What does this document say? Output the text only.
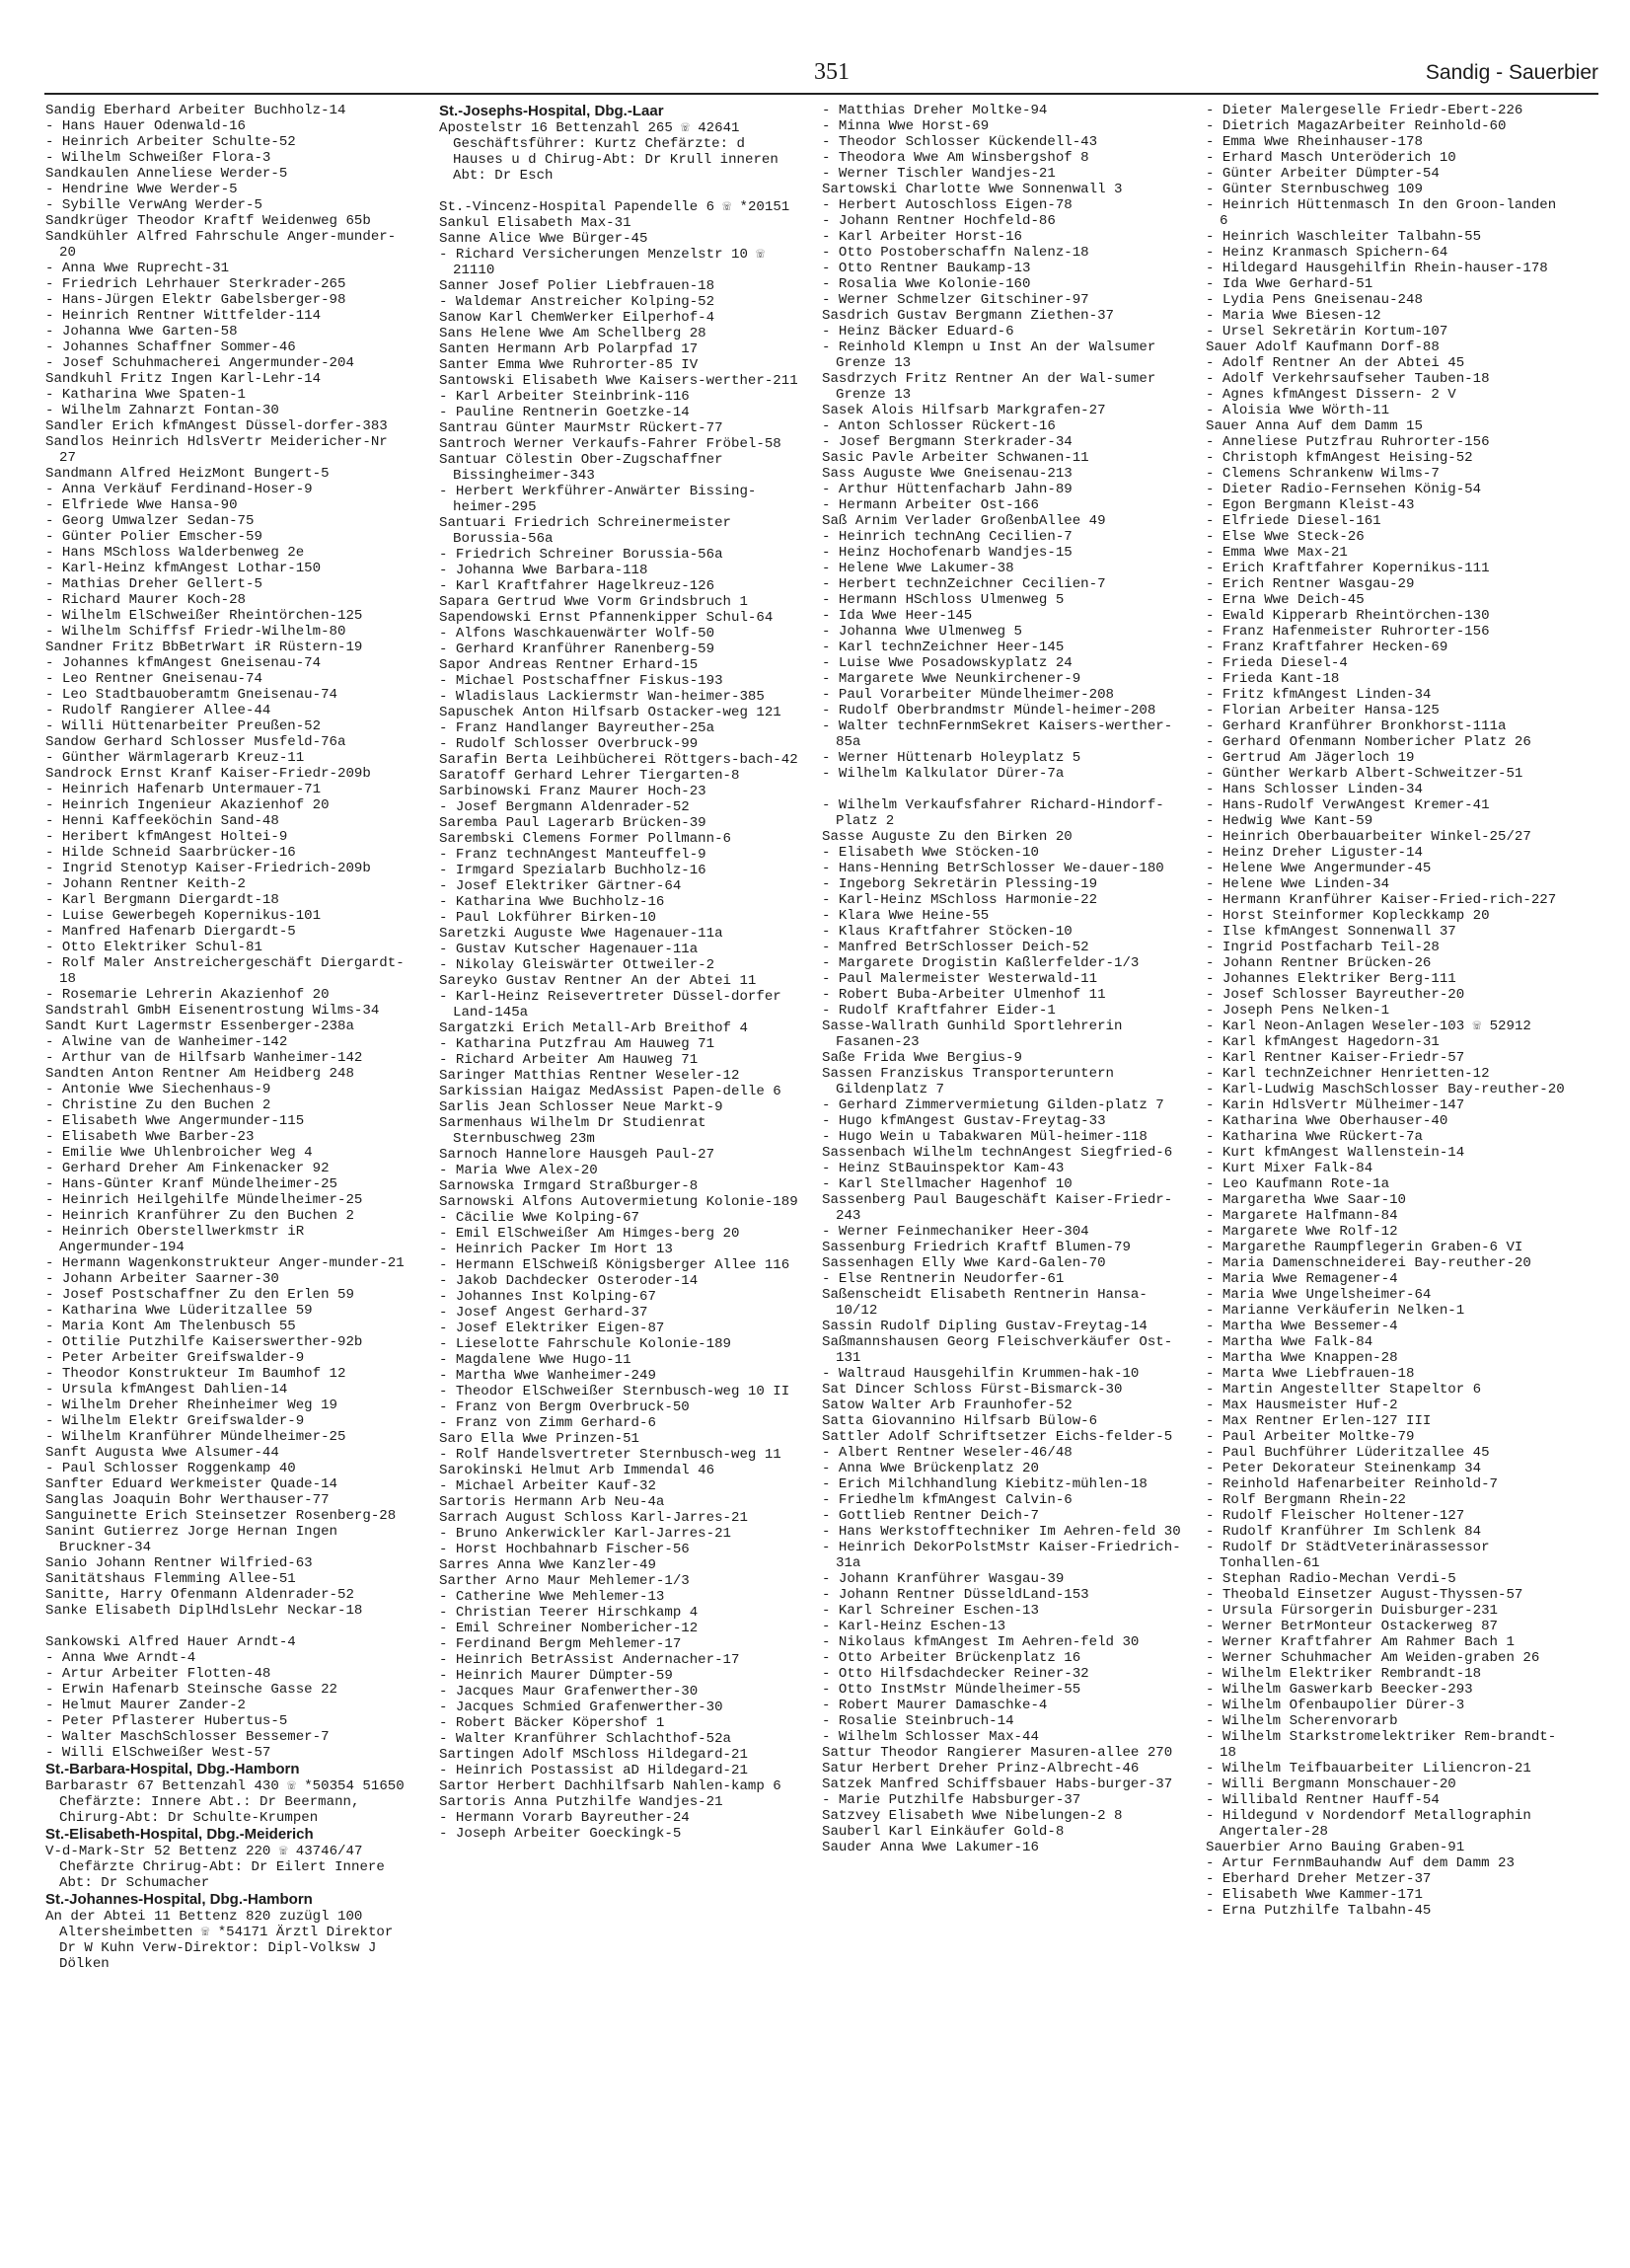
351	Sandig - Sauerbier
Sandig Eberhard Arbeiter Buchholz-14
- Hans Hauer Odenwald-16
- Heinrich Arbeiter Schulte-52
- Wilhelm Schweißer Flora-3
Sandkaulen Anneliese Werder-5
- Hendrine Wwe Werder-5
- Sybille VerwAng Werder-5
Sandkrüger Theodor Kraftf Weidenweg 65b
Sandkühler Alfred Fahrschule Anger-munder-20
- Anna Wwe Ruprecht-31
- Friedrich Lehrhauer Sterkrader-265
- Hans-Jürgen Elektr Gabelsberger-98
- Heinrich Rentner Wittfelder-114
- Johanna Wwe Garten-58
- Johannes Schaffner Sommer-46
- Josef Schuhmacherei Angermunder-204
Sandkuhl Fritz Ingen Karl-Lehr-14
- Katharina Wwe Spaten-1
- Wilhelm Zahnarzt Fontan-30
Sandler Erich kfmAngest Düssel-dorfer-383
Sandlos Heinrich HdlsVertr Meidericher-Nr 27
Sandmann Alfred HeizMont Bungert-5
- Anna Verkäuf Ferdinand-Hoser-9
- Elfriede Wwe Hansa-90
- Georg Umwalzer Sedan-75
- Günter Polier Emscher-59
- Hans MSchloss Walderbenweg 2e
- Karl-Heinz kfmAngest Lothar-150
- Mathias Dreher Gellert-5
- Richard Maurer Koch-28
- Wilhelm ElSchweißer Rheintörchen-125
- Wilhelm Schiffsf Friedr-Wilhelm-80
Sandner Fritz BbBetrWart iR Rüstern-19
- Johannes kfmAngest Gneisenau-74
- Leo Rentner Gneisenau-74
- Leo Stadtbauoberamtm Gneisenau-74
- Rudolf Rangierer Allee-44
- Willi Hüttenarbeiter Preußen-52
Sandow Gerhard Schlosser Musfeld-76a
- Günther Wärmlagerarb Kreuz-11
Sandrock Ernst Kranf Kaiser-Friedr-209b
- Heinrich Hafenarb Untermauer-71
- Heinrich Ingenieur Akazienhof 20
- Henni Kaffeeköchin Sand-48
- Heribert kfmAngest Holtei-9
- Hilde Schneid Saarbrücker-16
- Ingrid Stenotyp Kaiser-Friedrich-209b
- Johann Rentner Keith-2
- Karl Bergmann Diergardt-18
- Luise Gewerbegeh Kopernikus-101
- Manfred Hafenarb Diergardt-5
- Otto Elektriker Schul-81
- Rolf Maler Anstreichergeschäft Diergardt-18
- Rosemarie Lehrerin Akazienhof 20
Sandstrahl GmbH Eisenentrostung Wilms-34
Sandt Kurt Lagermstr Essenberger-238a
- Alwine van de Wanheimer-142
- Arthur van de Hilfsarb Wanheimer-142
Sandten Anton Rentner Am Heidberg 248
- Antonie Wwe Siechenhaus-9
- Christine Zu den Buchen 2
- Elisabeth Wwe Angermunder-115
- Elisabeth Wwe Barber-23
- Emilie Wwe Uhlenbroicher Weg 4
- Gerhard Dreher Am Finkenacker 92
- Hans-Günter Kranf Mündelheimer-25
- Heinrich Heilgehilfe Mündelheimer-25
- Heinrich Kranführer Zu den Buchen 2
- Heinrich Oberstellwerkmstr iR Angermunder-194
- Hermann Wagenkonstrukteur Anger-munder-21
- Johann Arbeiter Saarner-30
- Josef Postschaffner Zu den Erlen 59
- Katharina Wwe Lüderitzallee 59
- Maria Kont Am Thelenbusch 55
- Ottilie Putzhilfe Kaiserswerther-92b
- Peter Arbeiter Greifswalder-9
- Theodor Konstrukteur Im Baumhof 12
- Ursula kfmAngest Dahlien-14
- Wilhelm Dreher Rheinheimer Weg 19
- Wilhelm Elektr Greifswalder-9
- Wilhelm Kranführer Mündelheimer-25
Sanft Augusta Wwe Alsumer-44
- Paul Schlosser Roggenkamp 40
Sanfter Eduard Werkmeister Quade-14
Sanglas Joaquin Bohr Werthauser-77
Sanguinette Erich Steinsetzer Rosenberg-28
Sanint Gutierrez Jorge Hernan Ingen Bruckner-34
Sanio Johann Rentner Wilfried-63
Sanitätshaus Flemming Allee-51
Sanitte, Harry Ofenmann Aldenrader-52
Sanke Elisabeth DiplHdlsLehr Neckar-18

Sankowski Alfred Hauer Arndt-4
- Anna Wwe Arndt-4
- Artur Arbeiter Flotten-48
- Erwin Hafenarb Steinsche Gasse 22
- Helmut Maurer Zander-2
- Peter Pflasterer Hubertus-5
- Walter MaschSchlosser Bessemer-7
- Willi ElSchweißer West-57
St.-Barbara-Hospital, Dbg.-Hamborn
Barbarastr 67 Bettenzahl 430 ☏ *50354 51650 Chefärzte: Innere Abt.: Dr Beermann, Chirurg-Abt: Dr Schulte-Krumpen
St.-Elisabeth-Hospital, Dbg.-Meiderich
V-d-Mark-Str 52 Bettenz 220 ☏ 43746/47 Chefärzte Chrirug-Abt: Dr Eilert Innere Abt: Dr Schumacher
St.-Johannes-Hospital, Dbg.-Hamborn
An der Abtei 11 Bettenz 820 zuzügl 100 Altersheimbetten ☏ *54171 Ärztl Direktor Dr W Kuhn Verw-Direktor: Dipl-Volksw J Dölken
St.-Josephs-Hospital, Dbg.-Laar
Apostelstr 16 Bettenzahl 265 ☏ 42641 Geschäftsführer: Kurtz Chefärzte: d Hauses u d Chirug-Abt: Dr Krull inneren Abt: Dr Esch

St.-Vincenz-Hospital Papendelle 6 ☏ *20151
Sankul Elisabeth Max-31
Sanne Alice Wwe Bürger-45
- Richard Versicherungen Menzelstr 10 ☏ 21110
Sanner Josef Polier Liebfrauen-18
- Waldemar Anstreicher Kolping-52
Sanow Karl ChemWerker Eilperhof-4
Sans Helene Wwe Am Schellberg 28
Santen Hermann Arb Polarpfad 17
Santer Emma Wwe Ruhrorter-85 IV
Santowski Elisabeth Wwe Kaisers-werther-211
- Karl Arbeiter Steinbrink-116
- Pauline Rentnerin Goetzke-14
Santrau Günter MaurMstr Rückert-77
Santroch Werner Verkaufs-Fahrer Fröbel-58
Santuar Cölestin Ober-Zugschaffner Bissingheimer-343
- Herbert Werkführer-Anwärter Bissing-heimer-295
Santuari Friedrich Schreinermeister Borussia-56a
- Friedrich Schreiner Borussia-56a
- Johanna Wwe Barbara-118
- Karl Kraftfahrer Hagelkreuz-126
Sapara Gertrud Wwe Vorm Grindsbruch 1
Sapendowski Ernst Pfannenkipper Schul-64
- Alfons Waschkauenwärter Wolf-50
- Gerhard Kranführer Ranenberg-59
Sapor Andreas Rentner Erhard-15
- Michael Postschaffner Fiskus-193
- Wladislaus Lackiermstr Wan-heimer-385
Sapuschek Anton Hilfsarb Ostacker-weg 121
- Franz Handlanger Bayreuther-25a
- Rudolf Schlosser Overbruck-99
Sarafin Berta Leihbücherei Röttgers-bach-42
Saratoff Gerhard Lehrer Tiergarten-8
Sarbinowski Franz Maurer Hoch-23
- Josef Bergmann Aldenrader-52
Saremba Paul Lagerarb Brücken-39
Sarembski Clemens Former Pollmann-6
- Franz technAngest Manteuffel-9
- Irmgard Spezialarb Buchholz-16
- Josef Elektriker Gärtner-64
- Katharina Wwe Buchholz-16
- Paul Lokführer Birken-10
Saretzki Auguste Wwe Hagenauer-11a
- Gustav Kutscher Hagenauer-11a
- Nikolay Gleiswärter Ottweiler-2
Sareyko Gustav Rentner An der Abtei 11
- Karl-Heinz Reisevertreter Düssel-dorfer Land-145a
Sargatzki Erich Metall-Arb Breithof 4
- Katharina Putzfrau Am Hauweg 71
- Richard Arbeiter Am Hauweg 71
Saringer Matthias Rentner Weseler-12
Sarkissian Haigaz MedAssist Papen-delle 6
Sarlis Jean Schlosser Neue Markt-9
Sarmenhaus Wilhelm Dr Studienrat Sternbuschweg 23m
Sarnoch Hannelore Hausgeh Paul-27
- Maria Wwe Alex-20
Sarnowska Irmgard Straßburger-8
Sarnowski Alfons Autovermietung Kolonie-189
- Cäcilie Wwe Kolping-67
- Emil ElSchweißer Am Himges-berg 20
- Heinrich Packer Im Hort 13
- Hermann ElSchweiß Königsberger Allee 116
- Jakob Dachdecker Osteroder-14
- Johannes Inst Kolping-67
- Josef Angest Gerhard-37
- Josef Elektriker Eigen-87
- Lieselotte Fahrschule Kolonie-189
- Magdalene Wwe Hugo-11
- Martha Wwe Wanheimer-249
- Theodor ElSchweißer Sternbusch-weg 10 II
- Franz von Bergm Overbruck-50
- Franz von Zimm Gerhard-6
Saro Ella Wwe Prinzen-51
- Rolf Handelsvertreter Sternbusch-weg 11
Sarokinski Helmut Arb Immendal 46
- Michael Arbeiter Kauf-32
Sartoris Hermann Arb Neu-4a
Sarrach August Schloss Karl-Jarres-21
- Bruno Ankerwickler Karl-Jarres-21
- Horst Hochbahnarb Fischer-56
Sarres Anna Wwe Kanzler-49
Sarther Arno Maur Mehlemer-1/3
- Catherine Wwe Mehlemer-13
- Christian Teerer Hirschkamp 4
- Emil Schreiner Nombericher-12
- Ferdinand Bergm Mehlemer-17
- Heinrich BetrAssist Andernacher-17
- Heinrich Maurer Dümpter-59
- Jacques Maur Grafenwerther-30
- Jacques Schmied Grafenwerther-30
- Robert Bäcker Köpershof 1
- Walter Kranführer Schlachthof-52a
Sartingen Adolf MSchloss Hildegard-21
- Heinrich Postassist aD Hildegard-21
Sartor Herbert Dachhilfsarb Nahlen-kamp 6
Sartoris Anna Putzhilfe Wandjes-21
- Hermann Vorarb Bayreuther-24
- Joseph Arbeiter Goeckingk-5
- Matthias Dreher Moltke-94
- Minna Wwe Horst-69
- Theodor Schlosser Kückendell-43
- Theodora Wwe Am Winsbergshof 8
- Werner Tischler Wandjes-21
Sartowski Charlotte Wwe Sonnenwall 3
- Herbert Autoschloss Eigen-78
- Johann Rentner Hochfeld-86
- Karl Arbeiter Horst-16
- Otto Postoberschaffn Nalenz-18
- Otto Rentner Baukamp-13
- Rosalia Wwe Kolonie-160
- Werner Schmelzer Gitschiner-97
Sasdrich Gustav Bergmann Ziethen-37
- Heinz Bäcker Eduard-6
- Reinhold Klempn u Inst An der Walsumer Grenze 13
Sasdrzych Fritz Rentner An der Wal-sumer Grenze 13
Sasek Alois Hilfsarb Markgrafen-27
- Anton Schlosser Rückert-16
- Josef Bergmann Sterkrader-34
Sasic Pavle Arbeiter Schwanen-11
Sass Auguste Wwe Gneisenau-213
- Arthur Hüttenfacharb Jahn-89
- Hermann Arbeiter Ost-166
Saß Arnim Verlader GroßenbAllee 49
- Heinrich technAng Cecilien-7
- Heinz Hochofenarb Wandjes-15
- Helene Wwe Lakumer-38
- Herbert technZeichner Cecilien-7
- Hermann HSchloss Ulmenweg 5
- Ida Wwe Heer-145
- Johanna Wwe Ulmenweg 5
- Karl technZeichner Heer-145
- Luise Wwe Posadowskyplatz 24
- Margarete Wwe Neunkirchener-9
- Paul Vorarbeiter Mündelheimer-208
- Rudolf Oberbrandmstr Mündel-heimer-208
- Walter technFernmSekret Kaisers-werther-85a
- Werner Hüttenarb Holeyplatz 5
- Wilhelm Kalkulator Dürer-7a

- Wilhelm Verkaufsfahrer Richard-Hindorf-Platz 2
Sasse Auguste Zu den Birken 20
- Elisabeth Wwe Stöcken-10
- Hans-Henning BetrSchlosser We-dauer-180
- Ingeborg Sekretärin Plessing-19
- Karl-Heinz MSchloss Harmonie-22
- Klara Wwe Heine-55
- Klaus Kraftfahrer Stöcken-10
- Manfred BetrSchlosser Deich-52
- Margarete Drogistin Kaßlerfelder-1/3
- Paul Malermeister Westerwald-11
- Robert Buba-Arbeiter Ulmenhof 11
- Rudolf Kraftfahrer Eider-1
Sasse-Wallrath Gunhild Sportlehrerin Fasanen-23
Saße Frida Wwe Bergius-9
Sassen Franziskus Transporteruntern Gildenplatz 7
- Gerhard Zimmervermietung Gilden-platz 7
- Hugo kfmAngest Gustav-Freytag-33
- Hugo Wein u Tabakwaren Mül-heimer-118
Sassenbach Wilhelm technAngest Siegfried-6
- Heinz StBauinspektor Kam-43
- Karl Stellmacher Hagenhof 10
Sassenberg Paul Baugeschäft Kaiser-Friedr-243
- Werner Feinmechaniker Heer-304
Sassenburg Friedrich Kraftf Blumen-79
Sassenhagen Elly Wwe Kard-Galen-70
- Else Rentnerin Neudorfer-61
Saßenscheidt Elisabeth Rentnerin Hansa-10/12
Sassin Rudolf Dipling Gustav-Freytag-14
Saßmannshausen Georg Fleischverkäufer Ost-131
- Waltraud Hausgehilfin Krummen-hak-10
Sat Dincer Schloss Fürst-Bismarck-30
Satow Walter Arb Fraunhofer-52
Satta Giovannino Hilfsarb Bülow-6
Sattler Adolf Schriftsetzer Eichs-felder-5
- Albert Rentner Weseler-46/48
- Anna Wwe Brückenplatz 20
- Erich Milchhandlung Kiebitz-mühlen-18
- Friedhelm kfmAngest Calvin-6
- Gottlieb Rentner Deich-7
- Hans Werkstofftechniker Im Aehren-feld 30
- Heinrich DekorPolstMstr Kaiser-Friedrich-31a
- Johann Kranführer Wasgau-39
- Johann Rentner DüsseldLand-153
- Karl Schreiner Eschen-13
- Karl-Heinz Eschen-13
- Nikolaus kfmAngest Im Aehren-feld 30
- Otto Arbeiter Brückenplatz 16
- Otto Hilfsdachdecker Reiner-32
- Otto InstMstr Mündelheimer-55
- Robert Maurer Damaschke-4
- Rosalie Steinbruch-14
- Wilhelm Schlosser Max-44
Sattur Theodor Rangierer Masuren-allee 270
Satur Herbert Dreher Prinz-Albrecht-46
Satzek Manfred Schiffsbauer Habs-burger-37
- Marie Putzhilfe Habsburger-37
Satzvey Elisabeth Wwe Nibelungen-2 8
Sauberl Karl Einkäufer Gold-8
Sauder Anna Wwe Lakumer-16
- Dieter Malergeselle Friedr-Ebert-226
- Dietrich MagazArbeiter Reinhold-60
- Emma Wwe Rheinhauser-178
- Erhard Masch Unteröderich 10
- Günter Arbeiter Dümpter-54
- Günter Sternbuschweg 109
- Heinrich Hüttenmasch In den Groon-landen 6
- Heinrich Waschleiter Talbahn-55
- Heinz Kranmasch Spichern-64
- Hildegard Hausgehilfin Rhein-hauser-178
- Ida Wwe Gerhard-51
- Lydia Pens Gneisenau-248
- Maria Wwe Biesen-12
- Ursel Sekretärin Kortum-107
Sauer Adolf Kaufmann Dorf-88
- Adolf Rentner An der Abtei 45
- Adolf Verkehrsaufseher Tauben-18
- Agnes kfmAngest Dissern- 2 V
- Aloisia Wwe Wörth-11
Sauer Anna Auf dem Damm 15
- Anneliese Putzfrau Ruhrorter-156
- Christoph kfmAngest Heising-52
- Clemens Schrankenw Wilms-7
- Dieter Radio-Fernsehen König-54
- Egon Bergmann Kleist-43
- Elfriede Diesel-161
- Else Wwe Steck-26
- Emma Wwe Max-21
- Erich Kraftfahrer Kopernikus-111
- Erich Rentner Wasgau-29
- Erna Wwe Deich-45
- Ewald Kipperarb Rheintörchen-130
- Franz Hafenmeister Ruhrorter-156
- Franz Kraftfahrer Hecken-69
- Frieda Diesel-4
- Frieda Kant-18
- Fritz kfmAngest Linden-34
- Florian Arbeiter Hansa-125
- Gerhard Kranführer Bronkhorst-111a
- Gerhard Ofenmann Nombericher Platz 26
- Gertrud Am Jägerloch 19
- Günther Werkarb Albert-Schweitzer-51
- Hans Schlosser Linden-34
- Hans-Rudolf VerwAngest Kremer-41
- Hedwig Wwe Kant-59
- Heinrich Oberbauarbeiter Winkel-25/27
- Heinz Dreher Liguster-14
- Helene Wwe Angermunder-45
- Helene Wwe Linden-34
- Hermann Kranführer Kaiser-Fried-rich-227
- Horst Steinformer Kopleckkamp 20
- Ilse kfmAngest Sonnenwall 37
- Ingrid Postfacharb Teil-28
- Johann Rentner Brücken-26
- Johannes Elektriker Berg-111
- Josef Schlosser Bayreuther-20
- Joseph Pens Nelken-1
- Karl Neon-Anlagen Weseler-103 ☏ 52912
- Karl kfmAngest Hagedorn-31
- Karl Rentner Kaiser-Friedr-57
- Karl technZeichner Henrietten-12
- Karl-Ludwig MaschSchlosser Bay-reuther-20
- Karin HdlsVertr Mülheimer-147
- Katharina Wwe Oberhauser-40
- Katharina Wwe Rückert-7a
- Kurt kfmAngest Wallenstein-14
- Kurt Mixer Falk-84
- Leo Kaufmann Rote-1a
- Margaretha Wwe Saar-10
- Margarete Halfmann-84
- Margarete Wwe Rolf-12
- Margarethe Raumpflegerin Graben-6 VI
- Maria Damenschneiderei Bay-reuther-20
- Maria Wwe Remagener-4
- Maria Wwe Ungelsheimer-64
- Marianne Verkäuferin Nelken-1
- Martha Wwe Bessemer-4
- Martha Wwe Falk-84
- Martha Wwe Knappen-28
- Marta Wwe Liebfrauen-18
- Martin Angestellter Stapeltor 6
- Max Hausmeister Huf-2
- Max Rentner Erlen-127 III
- Paul Arbeiter Moltke-79
- Paul Buchführer Lüderitzallee 45
- Peter Dekorateur Steinenkamp 34
- Reinhold Hafenarbeiter Reinhold-7
- Rolf Bergmann Rhein-22
- Rudolf Fleischer Holtener-127
- Rudolf Kranführer Im Schlenk 84
- Rudolf Dr StädtVeterinärassessor Tonhallen-61
- Stephan Radio-Mechan Verdi-5
- Theobald Einsetzer August-Thyssen-57
- Ursula Fürsorgerin Duisburger-231
- Werner BetrMonteur Ostackerweg 87
- Werner Kraftfahrer Am Rahmer Bach 1
- Werner Schuhmacher Am Weiden-graben 26
- Wilhelm Elektriker Rembrandt-18
- Wilhelm Gaswerkarb Beecker-293
- Wilhelm Ofenbaupolier Dürer-3
- Wilhelm Scherenvorarb
- Wilhelm Starkstromelektriker Rem-brandt-18
- Wilhelm Teifbauarbeiter Liliencron-21
- Willi Bergmann Monschauer-20
- Willibald Rentner Hauff-54
- Hildegund v Nordendorf Metallographin Angertaler-28
Sauerbier Arno Bauing Graben-91
- Artur FernmBauhandw Auf dem Damm 23
- Eberhard Dreher Metzer-37
- Elisabeth Wwe Kammer-171
- Erna Putzhilfe Talbahn-45
